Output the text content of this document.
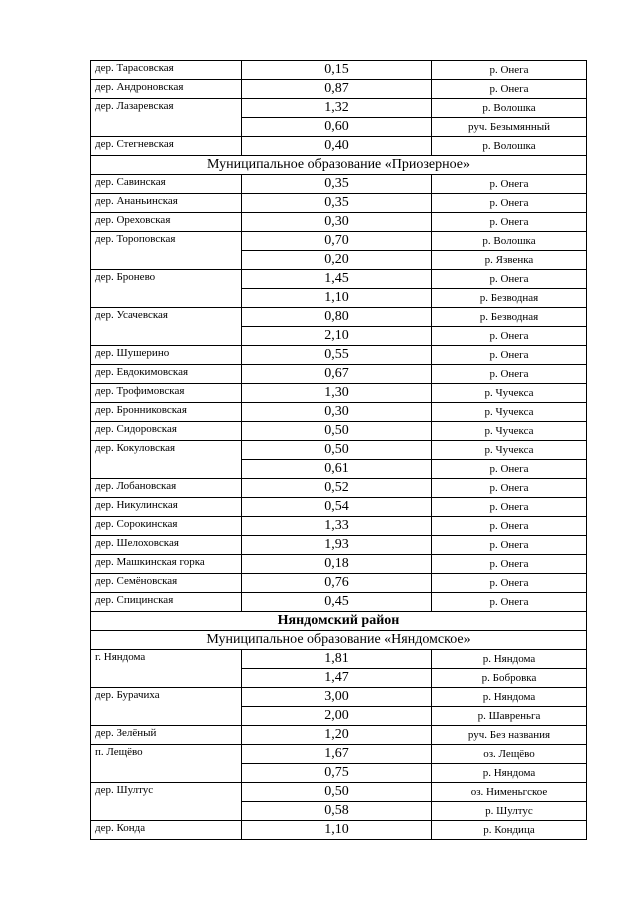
дер. Тарасовская	0,15	р. Онега
дер. Андроновская	0,87	р. Онега
дер. Лазаревская	1,32	р. Волошка
	0,60	руч. Безымянный
дер. Стегневская	0,40	р. Волошка
Муниципальное образование «Приозерное»		
дер. Савинская	0,35	р. Онега
дер. Ананьинская	0,35	р. Онега
дер. Ореховская	0,30	р. Онега
дер. Тороповская	0,70	р. Волошка
	0,20	р. Язвенка
дер. Бронево	1,45	р. Онега
	1,10	р. Безводная
дер. Усачевская	0,80	р. Безводная
	2,10	р. Онега
дер. Шушерино	0,55	р. Онега
дер. Евдокимовская	0,67	р. Онега
дер. Трофимовская	1,30	р. Чучекса
дер. Бронниковская	0,30	р. Чучекса
дер. Сидоровская	0,50	р. Чучекса
дер. Кокуловская	0,50	р. Чучекса
	0,61	р. Онега
дер. Лобановская	0,52	р. Онега
дер. Никулинская	0,54	р. Онега
дер. Сорокинская	1,33	р. Онега
дер. Шелоховская	1,93	р. Онега
дер. Машкинская горка	0,18	р. Онега
дер. Семёновская	0,76	р. Онега
дер. Спицинская	0,45	р. Онега
Няндомский район		
Муниципальное образование «Няндомское»		
г. Няндома	1,81	р. Няндома
	1,47	р. Бобровка
дер. Бурачиха	3,00	р. Няндома
	2,00	р. Шавреньга
дер. Зелёный	1,20	руч. Без названия
п. Лещёво	1,67	оз. Лещёво
	0,75	р. Няндома
дер. Шултус	0,50	оз. Нименьгское
	0,58	р. Шултус
дер. Конда	1,10	р. Кондица
